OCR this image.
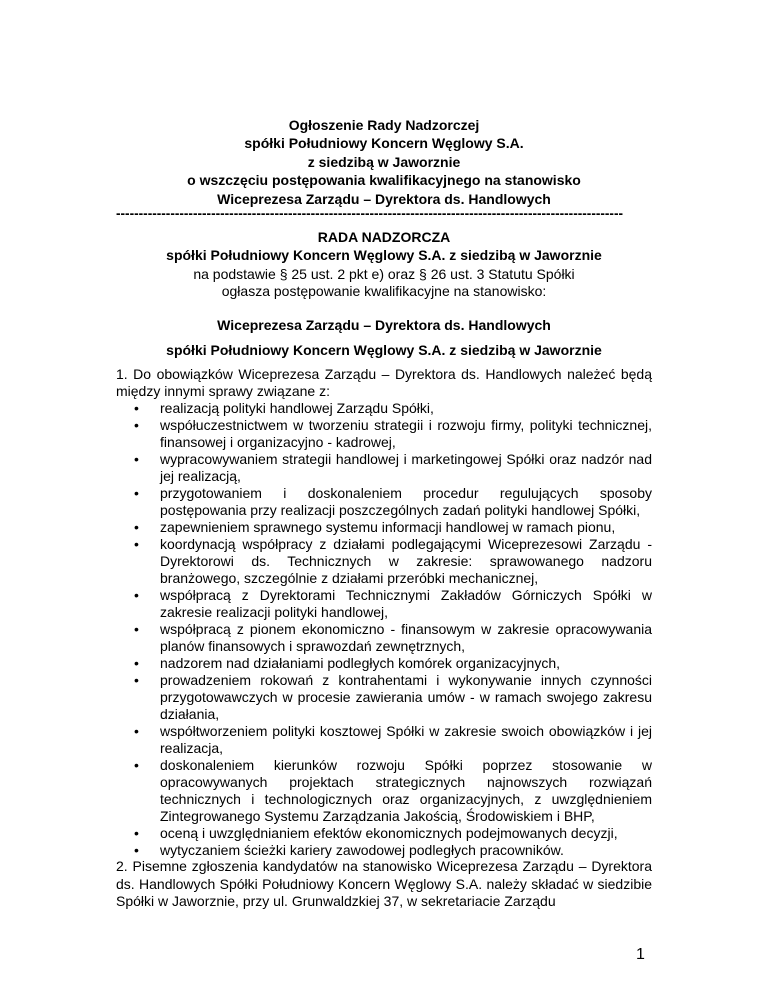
Ogłoszenie Rady Nadzorczej
spółki Południowy Koncern Węglowy S.A.
z siedzibą w Jaworznie
o wszczęciu postępowania kwalifikacyjnego na stanowisko
Wiceprezesa Zarządu – Dyrektora ds. Handlowych
----------------------------------------------------------------------------------------------------------------
RADA NADZORCZA
spółki Południowy Koncern Węglowy S.A. z siedzibą w Jaworznie
na podstawie § 25 ust. 2 pkt e) oraz § 26 ust. 3 Statutu Spółki
ogłasza postępowanie kwalifikacyjne na stanowisko:
Wiceprezesa Zarządu – Dyrektora ds. Handlowych
spółki Południowy Koncern Węglowy S.A. z siedzibą w Jaworznie
1. Do obowiązków Wiceprezesa Zarządu – Dyrektora ds. Handlowych należeć będą między innymi sprawy związane z:
• realizacją polityki handlowej Zarządu Spółki,
• współuczestnictwem w tworzeniu strategii i rozwoju firmy, polityki technicznej, finansowej i organizacyjno - kadrowej,
• wypracowywaniem strategii handlowej i marketingowej Spółki oraz nadzór nad jej realizacją,
• przygotowaniem i doskonaleniem procedur regulujących sposoby postępowania przy realizacji poszczególnych zadań polityki handlowej Spółki,
• zapewnieniem sprawnego systemu informacji handlowej w ramach pionu,
• koordynacją współpracy z działami podlegającymi Wiceprezesowi Zarządu - Dyrektorowi ds. Technicznych w zakresie: sprawowanego nadzoru branżowego, szczególnie z działami przeróbki mechanicznej,
• współpracą z Dyrektorami Technicznymi Zakładów Górniczych Spółki w zakresie realizacji polityki handlowej,
• współpracą z pionem ekonomiczno - finansowym w zakresie opracowywania planów finansowych i sprawozdań zewnętrznych,
• nadzorem nad działaniami podległych komórek organizacyjnych,
• prowadzeniem rokowań z kontrahentami i wykonywanie innych czynności przygotowawczych w procesie zawierania umów - w ramach swojego zakresu działania,
• współtworzeniem polityki kosztowej Spółki w zakresie swoich obowiązków i jej realizacja,
• doskonaleniem kierunków rozwoju Spółki poprzez stosowanie w opracowywanych projektach strategicznych najnowszych rozwiązań technicznych i technologicznych oraz organizacyjnych, z uwzględnieniem Zintegrowanego Systemu Zarządzania Jakością, Środowiskiem i BHP,
• oceną i uwzględnianiem efektów ekonomicznych podejmowanych decyzji,
• wytyczaniem ścieżki kariery zawodowej podległych pracowników.
2. Pisemne zgłoszenia kandydatów na stanowisko Wiceprezesa Zarządu – Dyrektora ds. Handlowych Spółki Południowy Koncern Węglowy S.A. należy składać w siedzibie Spółki w Jaworznie, przy ul. Grunwaldzkiej 37, w sekretariacie Zarządu
1
